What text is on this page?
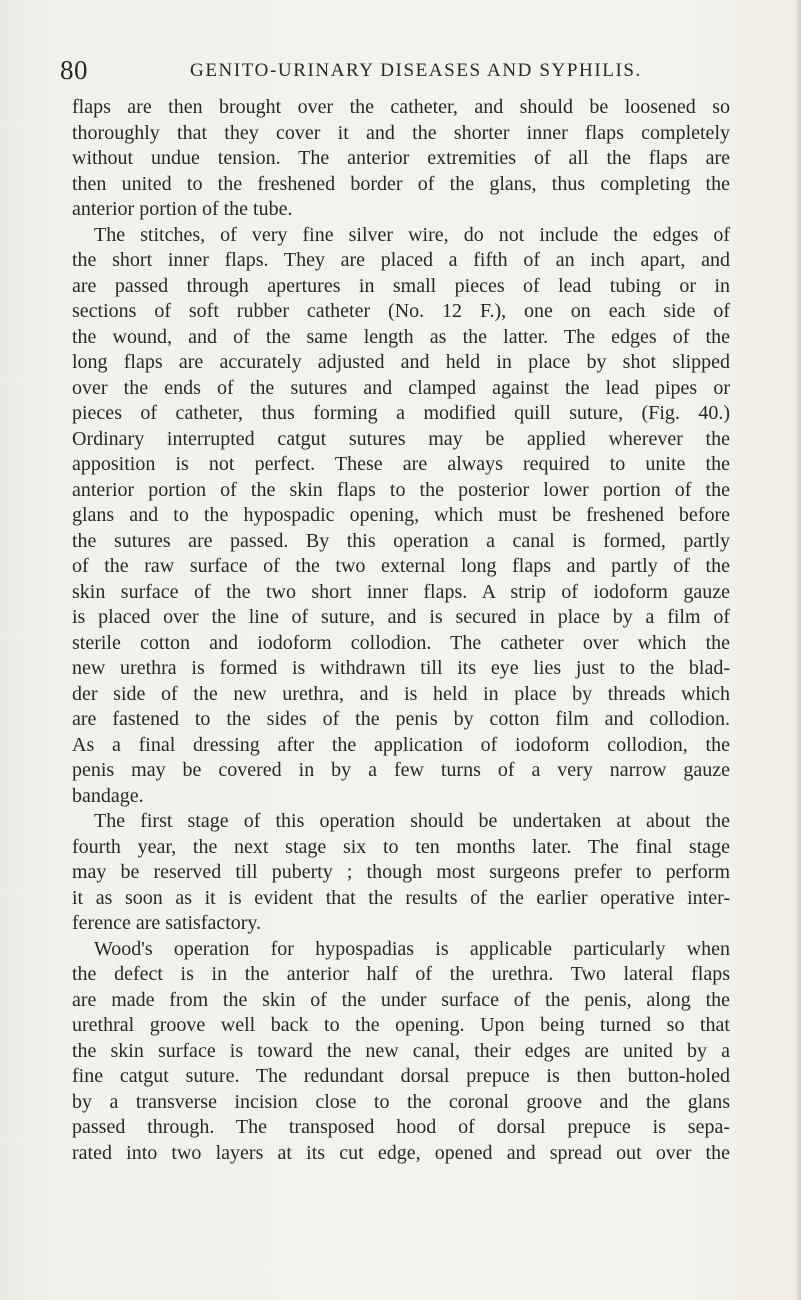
80	GENITO-URINARY DISEASES AND SYPHILIS.
flaps are then brought over the catheter, and should be loosened so
thoroughly that they cover it and the shorter inner flaps completely
without undue tension. The anterior extremities of all the flaps are
then united to the freshened border of the glans, thus completing the
anterior portion of the tube.
The stitches, of very fine silver wire, do not include the edges of
the short inner flaps. They are placed a fifth of an inch apart, and
are passed through apertures in small pieces of lead tubing or in
sections of soft rubber catheter (No. 12 F.), one on each side of
the wound, and of the same length as the latter. The edges of the
long flaps are accurately adjusted and held in place by shot slipped
over the ends of the sutures and clamped against the lead pipes or
pieces of catheter, thus forming a modified quill suture, (Fig. 40.)
Ordinary interrupted catgut sutures may be applied wherever the
apposition is not perfect. These are always required to unite the
anterior portion of the skin flaps to the posterior lower portion of the
glans and to the hypospadic opening, which must be freshened before
the sutures are passed. By this operation a canal is formed, partly
of the raw surface of the two external long flaps and partly of the
skin surface of the two short inner flaps. A strip of iodoform gauze
is placed over the line of suture, and is secured in place by a film of
sterile cotton and iodoform collodion. The catheter over which the
new urethra is formed is withdrawn till its eye lies just to the blad-
der side of the new urethra, and is held in place by threads which
are fastened to the sides of the penis by cotton film and collodion.
As a final dressing after the application of iodoform collodion, the
penis may be covered in by a few turns of a very narrow gauze
bandage.
The first stage of this operation should be undertaken at about the
fourth year, the next stage six to ten months later. The final stage
may be reserved till puberty ; though most surgeons prefer to perform
it as soon as it is evident that the results of the earlier operative inter-
ference are satisfactory.
Wood's operation for hypospadias is applicable particularly when
the defect is in the anterior half of the urethra. Two lateral flaps
are made from the skin of the under surface of the penis, along the
urethral groove well back to the opening. Upon being turned so that
the skin surface is toward the new canal, their edges are united by a
fine catgut suture. The redundant dorsal prepuce is then button-holed
by a transverse incision close to the coronal groove and the glans
passed through. The transposed hood of dorsal prepuce is sepa-
rated into two layers at its cut edge, opened and spread out over the
